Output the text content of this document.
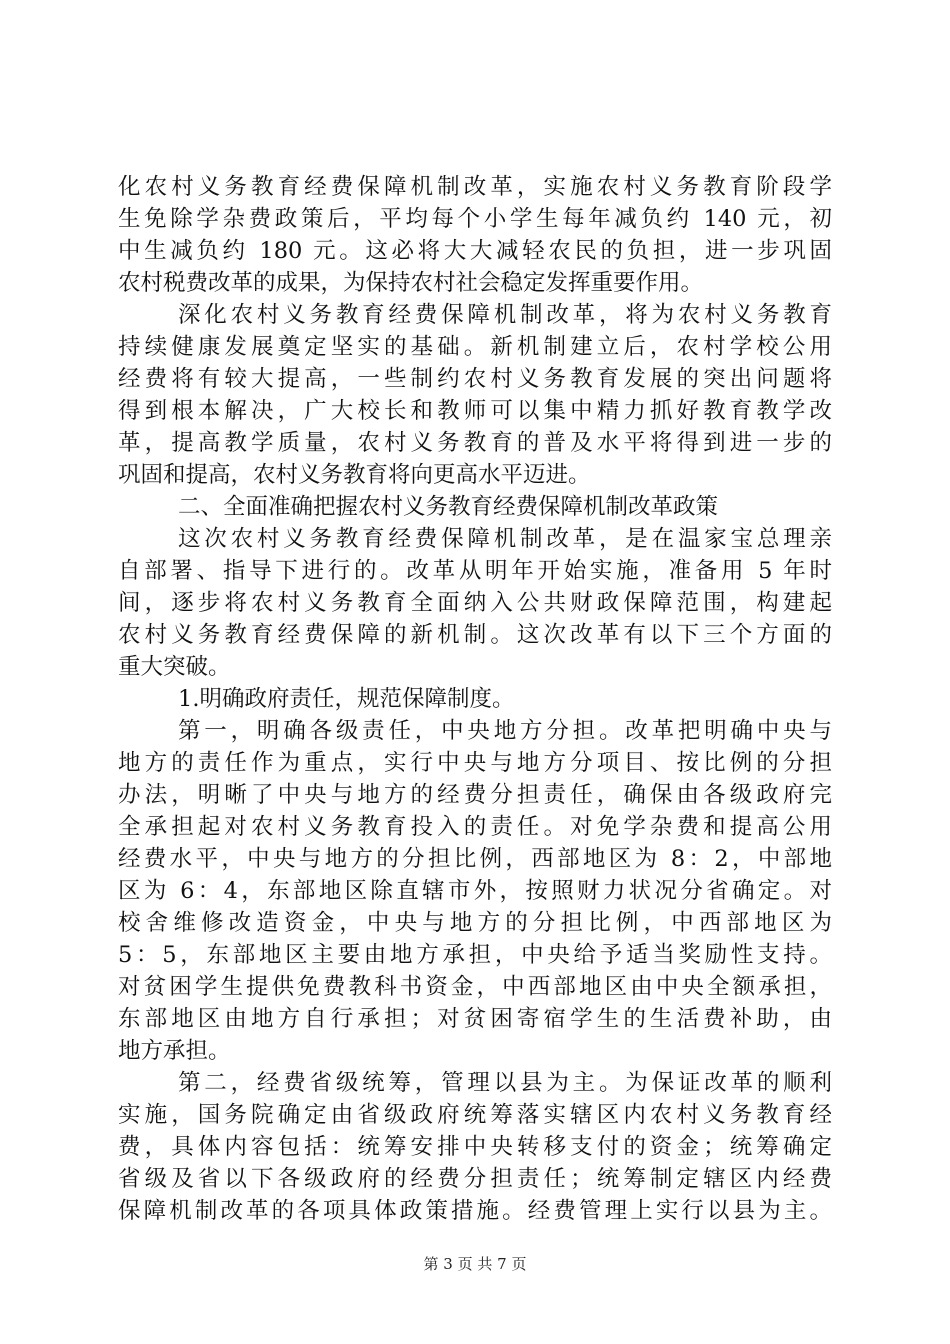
化农村义务教育经费保障机制改革，实施农村义务教育阶段学
生免除学杂费政策后，平均每个小学生每年减负约 140 元，初
中生减负约 180 元。这必将大大减轻农民的负担，进一步巩固
农村税费改革的成果，为保持农村社会稳定发挥重要作用。
深化农村义务教育经费保障机制改革，将为农村义务教育
持续健康发展奠定坚实的基础。新机制建立后，农村学校公用
经费将有较大提高，一些制约农村义务教育发展的突出问题将
得到根本解决，广大校长和教师可以集中精力抓好教育教学改
革，提高教学质量，农村义务教育的普及水平将得到进一步的
巩固和提高，农村义务教育将向更高水平迈进。
二、全面准确把握农村义务教育经费保障机制改革政策
这次农村义务教育经费保障机制改革，是在温家宝总理亲
自部署、指导下进行的。改革从明年开始实施，准备用 5 年时
间，逐步将农村义务教育全面纳入公共财政保障范围，构建起
农村义务教育经费保障的新机制。这次改革有以下三个方面的
重大突破。
1.明确政府责任，规范保障制度。
第一，明确各级责任，中央地方分担。改革把明确中央与
地方的责任作为重点，实行中央与地方分项目、按比例的分担
办法，明晰了中央与地方的经费分担责任，确保由各级政府完
全承担起对农村义务教育投入的责任。对免学杂费和提高公用
经费水平，中央与地方的分担比例，西部地区为 8：2，中部地
区为 6：4，东部地区除直辖市外，按照财力状况分省确定。对
校舍维修改造资金，中央与地方的分担比例，中西部地区为
5：5，东部地区主要由地方承担，中央给予适当奖励性支持。
对贫困学生提供免费教科书资金，中西部地区由中央全额承担，
东部地区由地方自行承担；对贫困寄宿学生的生活费补助，由
地方承担。
第二，经费省级统筹，管理以县为主。为保证改革的顺利
实施，国务院确定由省级政府统筹落实辖区内农村义务教育经
费，具体内容包括：统筹安排中央转移支付的资金；统筹确定
省级及省以下各级政府的经费分担责任；统筹制定辖区内经费
保障机制改革的各项具体政策措施。经费管理上实行以县为主。
第 3 页 共 7 页
